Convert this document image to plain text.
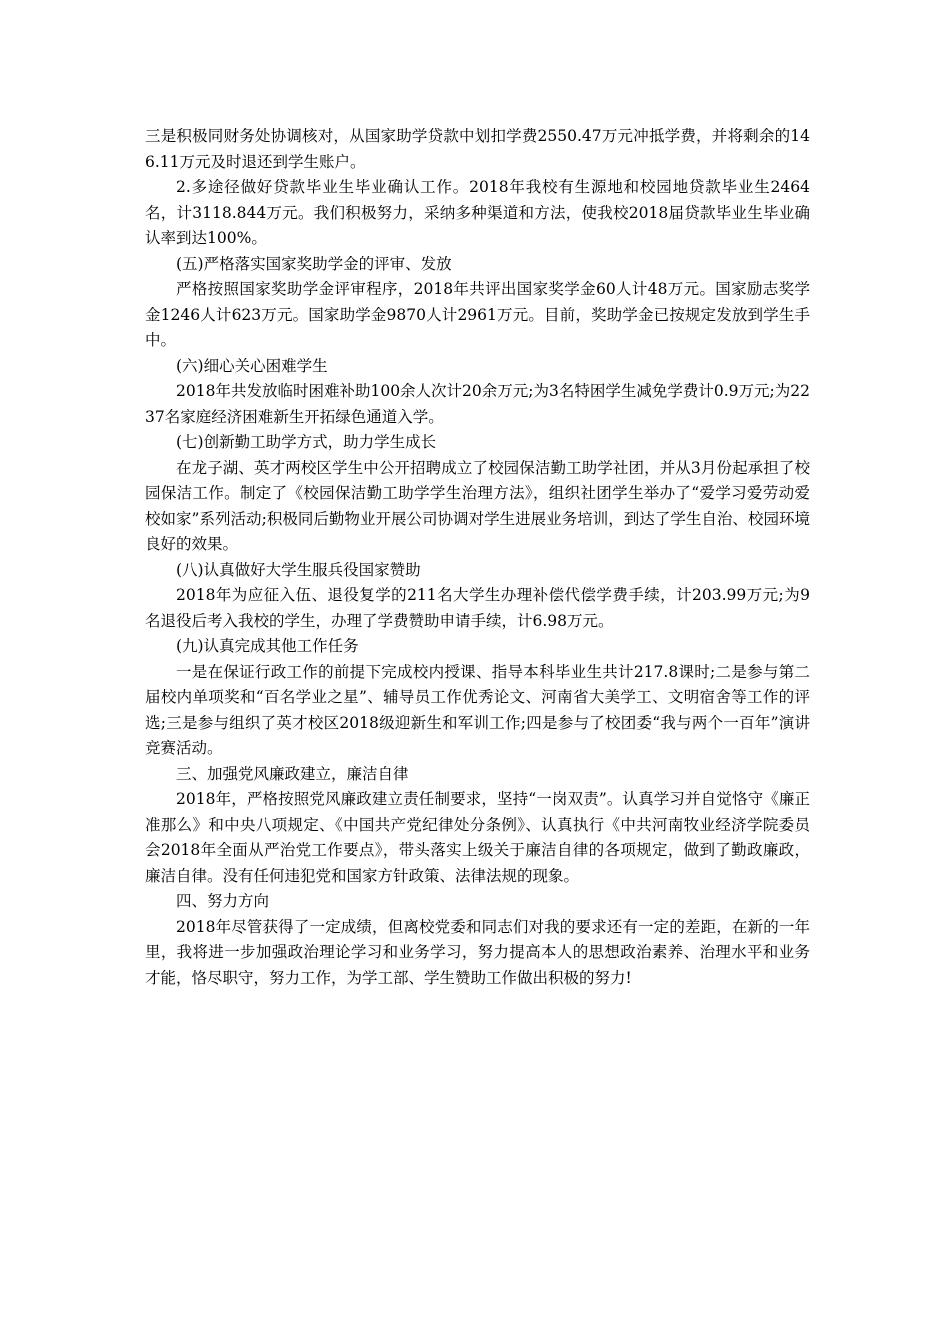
三是积极同财务处协调核对，从国家助学贷款中划扣学费2550.47万元冲抵学费，并将剩余的146.11万元及时退还到学生账户。

2.多途径做好贷款毕业生毕业确认工作。2018年我校有生源地和校园地贷款毕业生2464名，计3118.844万元。我们积极努力，采纳多种渠道和方法，使我校2018届贷款毕业生毕业确认率到达100%。

(五)严格落实国家奖助学金的评审、发放

严格按照国家奖助学金评审程序，2018年共评出国家奖学金60人计48万元。国家励志奖学金1246人计623万元。国家助学金9870人计2961万元。目前，奖助学金已按规定发放到学生手中。

(六)细心关心困难学生

2018年共发放临时困难补助100余人次计20余万元;为3名特困学生减免学费计0.9万元;为2237名家庭经济困难新生开拓绿色通道入学。

(七)创新勤工助学方式，助力学生成长

在龙子湖、英才两校区学生中公开招聘成立了校园保洁勤工助学社团，并从3月份起承担了校园保洁工作。制定了《校园保洁勤工助学学生治理方法》，组织社团学生举办了“爱学习爱劳动爱校如家”系列活动;积极同后勤物业开展公司协调对学生进展业务培训，到达了学生自治、校园环境良好的效果。

(八)认真做好大学生服兵役国家赞助

2018年为应征入伍、退役复学的211名大学生办理补偿代偿学费手续，计203.99万元;为9名退役后考入我校的学生，办理了学费赞助申请手续，计6.98万元。

(九)认真完成其他工作任务

一是在保证行政工作的前提下完成校内授课、指导本科毕业生共计217.8课时;二是参与第二届校内单项奖和“百名学业之星”、辅导员工作优秀论文、河南省大美学工、文明宿舍等工作的评选;三是参与组织了英才校区2018级迎新生和军训工作;四是参与了校团委“我与两个一百年”演讲竞赛活动。

三、加强党风廉政建立，廉洁自律

2018年，严格按照党风廉政建立责任制要求，坚持“一岗双责”。认真学习并自觉恪守《廉正准那么》和中央八项规定、《中国共产党纪律处分条例》、认真执行《中共河南牧业经济学院委员会2018年全面从严治党工作要点》，带头落实上级关于廉洁自律的各项规定，做到了勤政廉政，廉洁自律。没有任何违犯党和国家方针政策、法律法规的现象。

四、努力方向

2018年尽管获得了一定成绩，但离校党委和同志们对我的要求还有一定的差距，在新的一年里，我将进一步加强政治理论学习和业务学习，努力提高本人的思想政治素养、治理水平和业务才能，恪尽职守，努力工作，为学工部、学生赞助工作做出积极的努力!
